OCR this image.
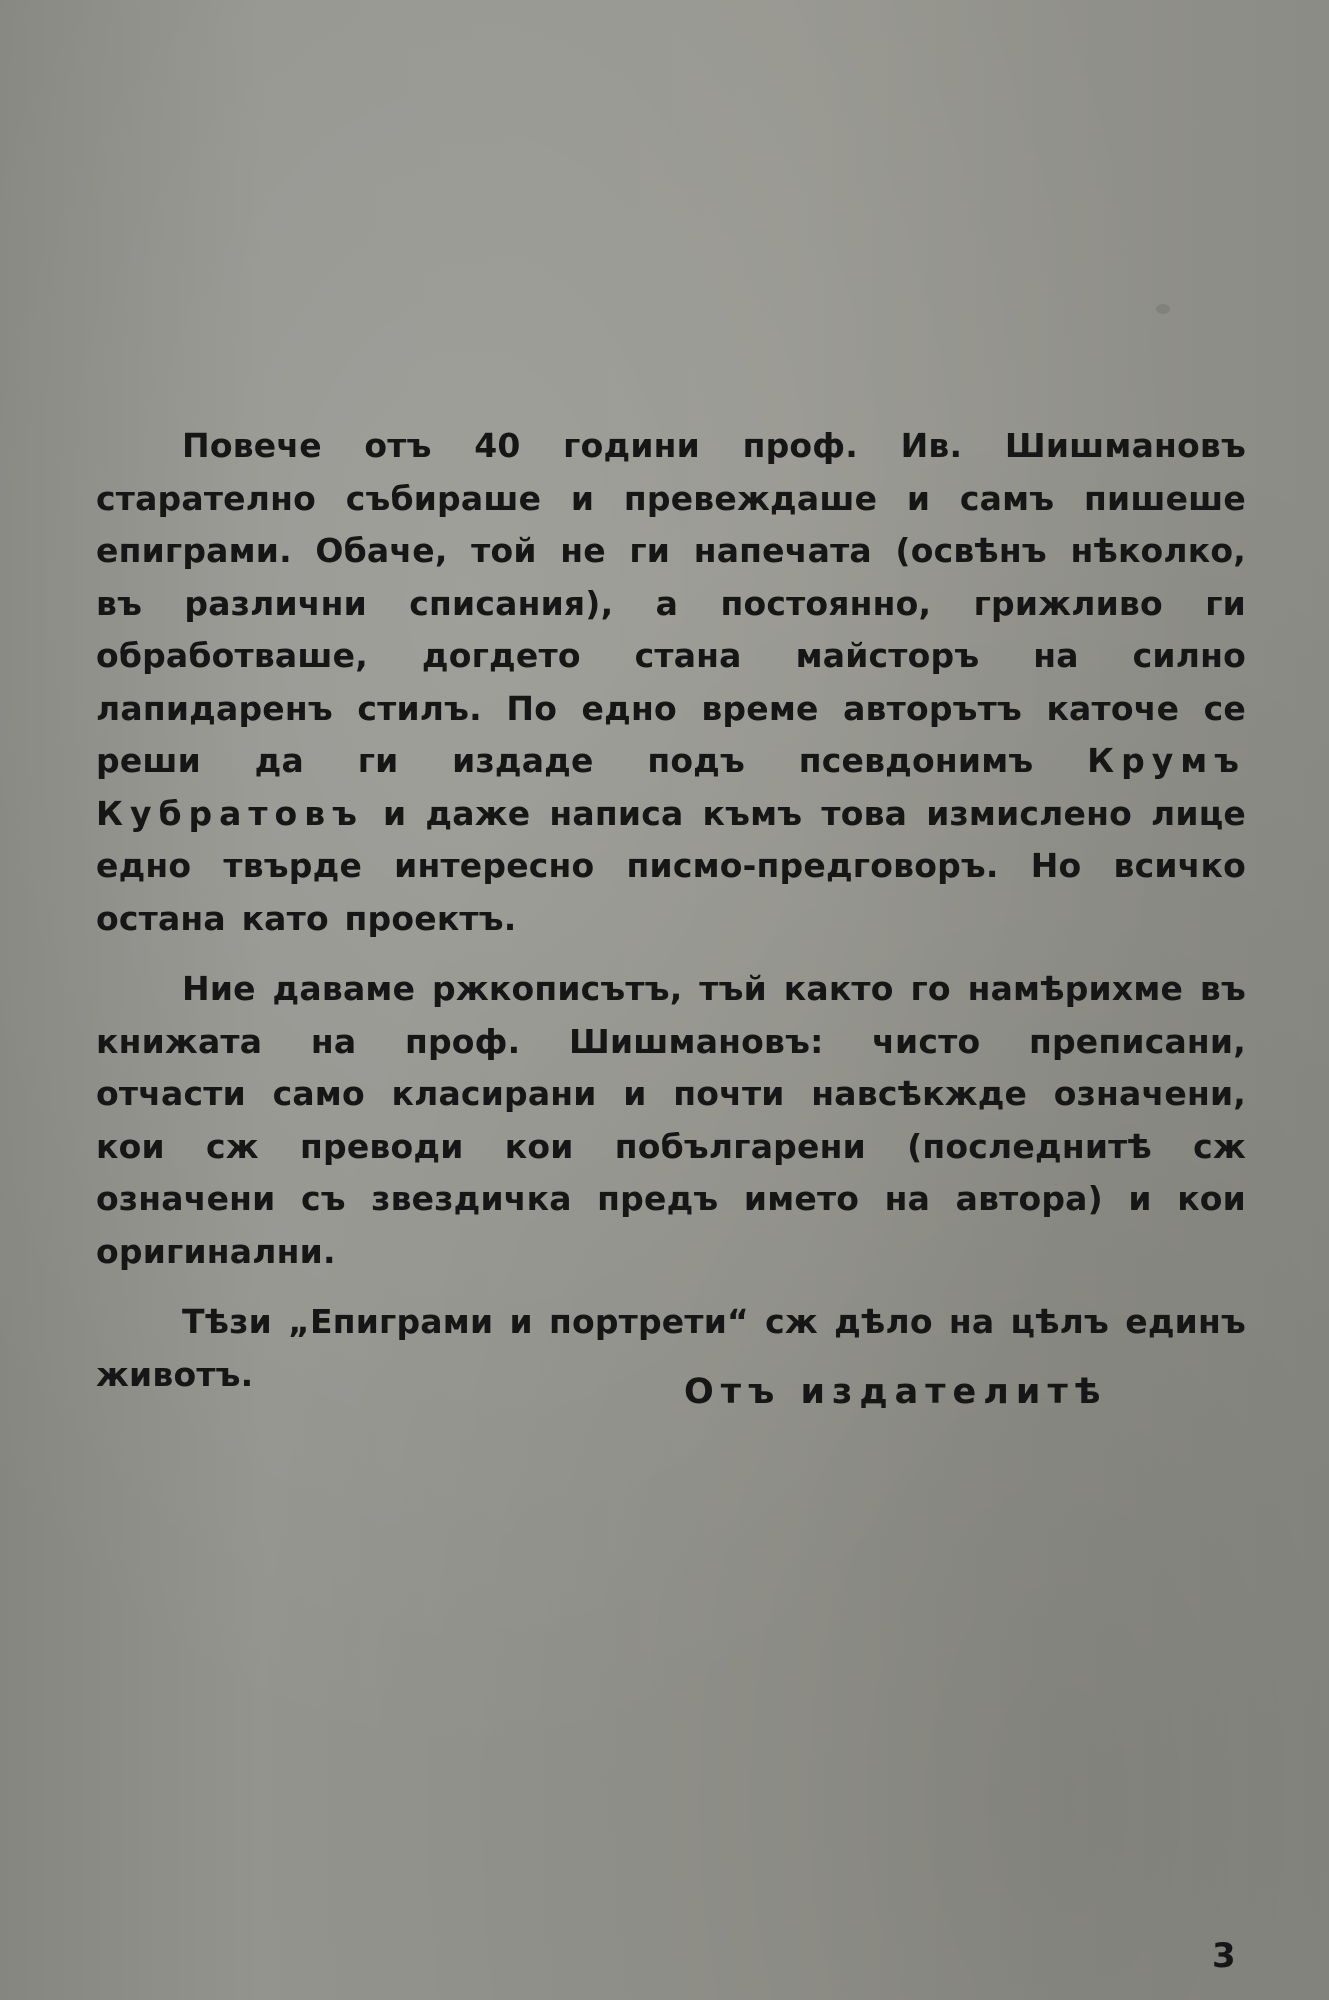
Повече отъ 40 години проф. Ив. Шишмановъ старателно събираше и превеждаше и самъ пишеше епиграми. Обаче, той не ги напечата (освѣнъ нѣколко, въ различни списания), а постоянно, грижливо ги обработваше, догдето стана майсторъ на силно лапидаренъ стилъ. По едно време авторътъ каточе се реши да ги издаде подъ псевдонимъ Крумъ Кубратовъ и даже написа къмъ това измислено лице едно твърде интересно писмо-предговоръ. Но всичко остана като проектъ.

Ние даваме ржкописътъ, тъй както го намѣрихме въ книжата на проф. Шишмановъ: чисто преписани, отчасти само класирани и почти навсѣкжде означени, кои сж преводи кои побългарени (последнитѣ сж означени съ звездичка предъ името на автора) и кои оригинални.

Тѣзи „Епиграми и портрети“ сж дѣло на цѣлъ единъ животъ.	Отъ издателитѣ
3
